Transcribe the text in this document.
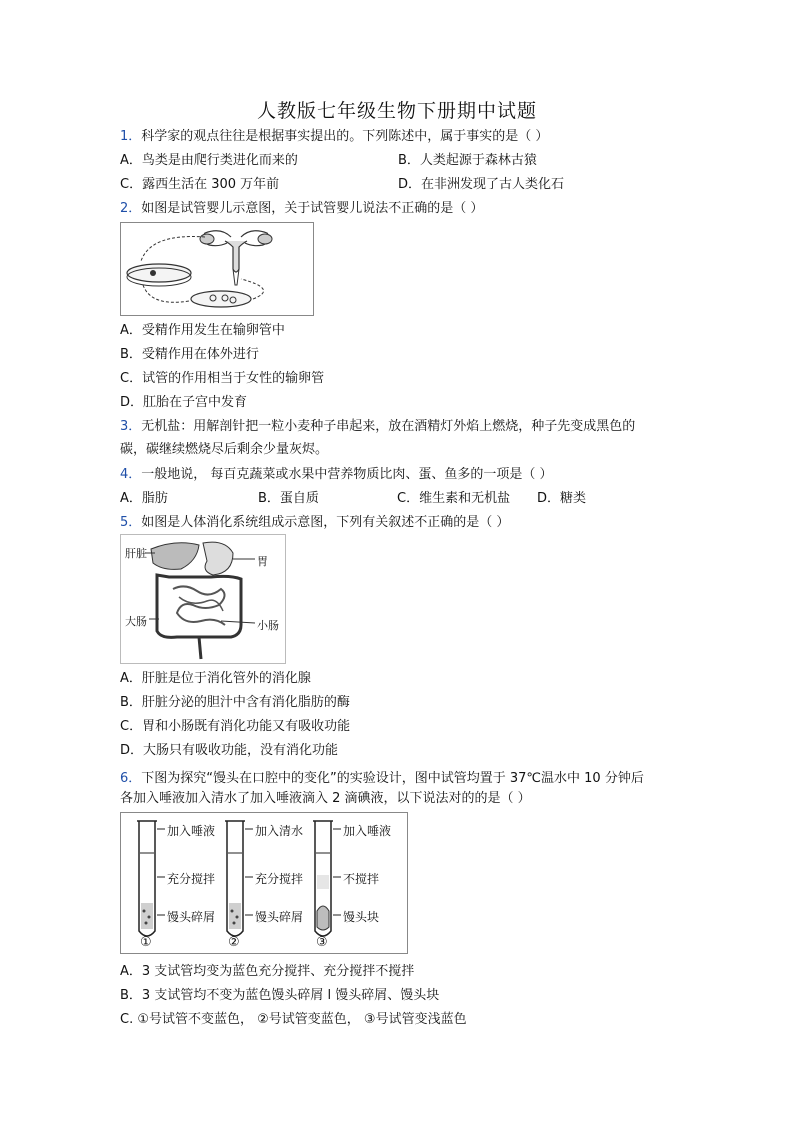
人教版七年级生物下册期中试题
1．科学家的观点往往是根据事实提出的。下列陈述中，属于事实的是（ ）
A．鸟类是由爬行类进化而来的	B．人类起源于森林古猿
C．露西生活在 300 万年前	D．在非洲发现了古人类化石
2．如图是试管婴儿示意图，关于试管婴儿说法不正确的是（ ）
A．受精作用发生在输卵管中
B．受精作用在体外进行
C．试管的作用相当于女性的输卵管
D．肛胎在子宫中发育
3．无机盐：用解剖针把一粒小麦种子串起来，放在酒精灯外焰上燃烧，种子先变成黑色的
碳，碳继续燃烧尽后剩余少量灰烬。
4．一般地说， 每百克蔬菜或水果中营养物质比肉、蛋、鱼多的一项是（ ）
A．脂肪	B．蛋自质	C．维生素和无机盐 D．糖类
5．如图是人体消化系统组成示意图，下列有关叙述不正确的是（ ）
肝脏
胃
大肠	小肠
A．肝脏是位于消化管外的消化腺
B．肝脏分泌的胆汁中含有消化脂肪的酶
C．胃和小肠既有消化功能又有吸收功能
D．大肠只有吸收功能，没有消化功能
6．下图为探究“馒头在口腔中的变化”的实验设计，图中试管均置于 37℃温水中 10 分钟后
各加入唾液加入清水了加入唾液滴入 2 滴碘液，以下说法对的的是（ ）
加入唾液
充分搅拌
馒头碎屑
①
加入清水
充分搅拌
馒头碎屑
②
加入唾液
不搅拌
馒头块
③
A．3 支试管均变为蓝色充分搅拌、充分搅拌不搅拌
B．3 支试管均不变为蓝色馒头碎屑 l 馒头碎屑、馒头块
C. ①号试管不变蓝色， ②号试管变蓝色， ③号试管变浅蓝色
